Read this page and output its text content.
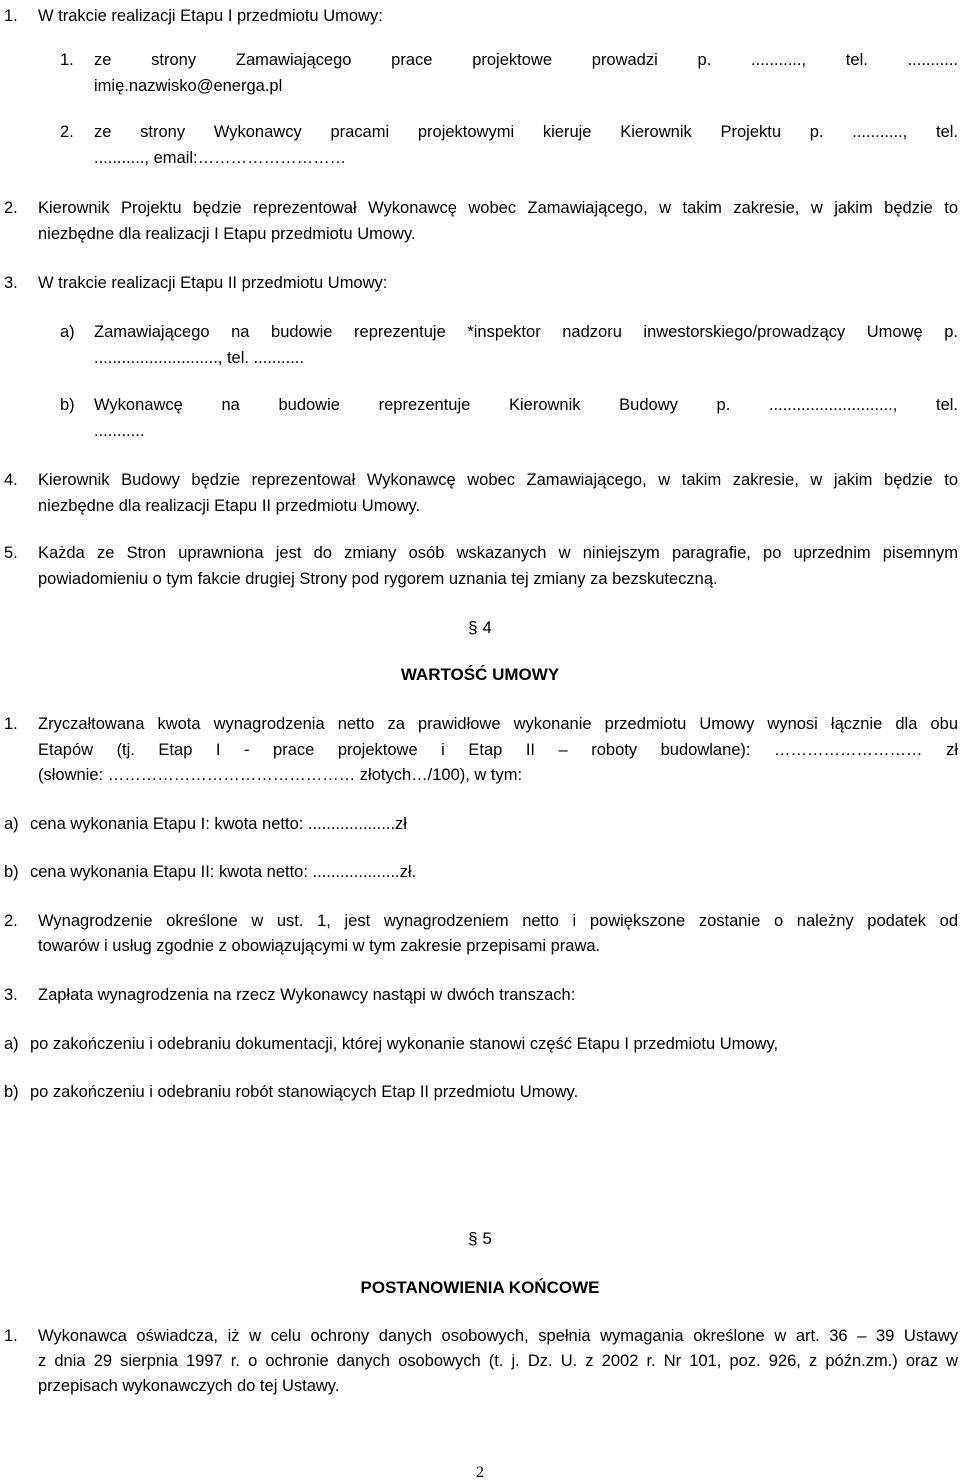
1. W trakcie realizacji Etapu I przedmiotu Umowy:
1. ze strony Zamawiającego prace projektowe prowadzi p. ..........., tel. ...........
imię.nazwisko@energa.pl
2. ze strony Wykonawcy pracami projektowymi kieruje Kierownik Projektu p. ..........., tel.
..........., email:………………………
2. Kierownik Projektu będzie reprezentował Wykonawcę wobec Zamawiającego, w takim zakresie, w jakim będzie to
niezbędne dla realizacji I Etapu przedmiotu Umowy.
3. W trakcie realizacji Etapu II przedmiotu Umowy:
a) Zamawiającego na budowie reprezentuje *inspektor nadzoru inwestorskiego/prowadzący Umowę p.
..........................., tel. ...........
b) Wykonawcę na budowie reprezentuje Kierownik Budowy p. ..........................., tel.
...........
4. Kierownik Budowy będzie reprezentował Wykonawcę wobec Zamawiającego, w takim zakresie, w jakim będzie to
niezbędne dla realizacji Etapu II przedmiotu Umowy.
5. Każda ze Stron uprawniona jest do zmiany osób wskazanych w niniejszym paragrafie, po uprzednim pisemnym
powiadomieniu o tym fakcie drugiej Strony pod rygorem uznania tej zmiany za bezskuteczną.
§ 4
WARTOŚĆ UMOWY
1. Zryczałtowana kwota wynagrodzenia netto za prawidłowe wykonanie przedmiotu Umowy wynosi łącznie dla obu
Etapów (tj. Etap I - prace projektowe i Etap II – roboty budowlane): ……………………… zł
(słownie: ……………………………………… złotych…/100), w tym:
a) cena wykonania Etapu I: kwota netto: ...................zł
b) cena wykonania Etapu II: kwota netto: ...................zł.
2. Wynagrodzenie określone w ust. 1, jest wynagrodzeniem netto i powiększone zostanie o należny podatek od
towarów i usług zgodnie z obowiązującymi w tym zakresie przepisami prawa.
3. Zapłata wynagrodzenia na rzecz Wykonawcy nastąpi w dwóch transzach:
a) po zakończeniu i odebraniu dokumentacji, której wykonanie stanowi część Etapu I przedmiotu Umowy,
b) po zakończeniu i odebraniu robót stanowiących Etap II przedmiotu Umowy.
§ 5
POSTANOWIENIA KOŃCOWE
1. Wykonawca oświadcza, iż w celu ochrony danych osobowych, spełnia wymagania określone w art. 36 – 39 Ustawy
z dnia 29 sierpnia 1997 r. o ochronie danych osobowych (t. j. Dz. U. z 2002 r. Nr 101, poz. 926, z późn.zm.) oraz w
przepisach wykonawczych do tej Ustawy.
2
